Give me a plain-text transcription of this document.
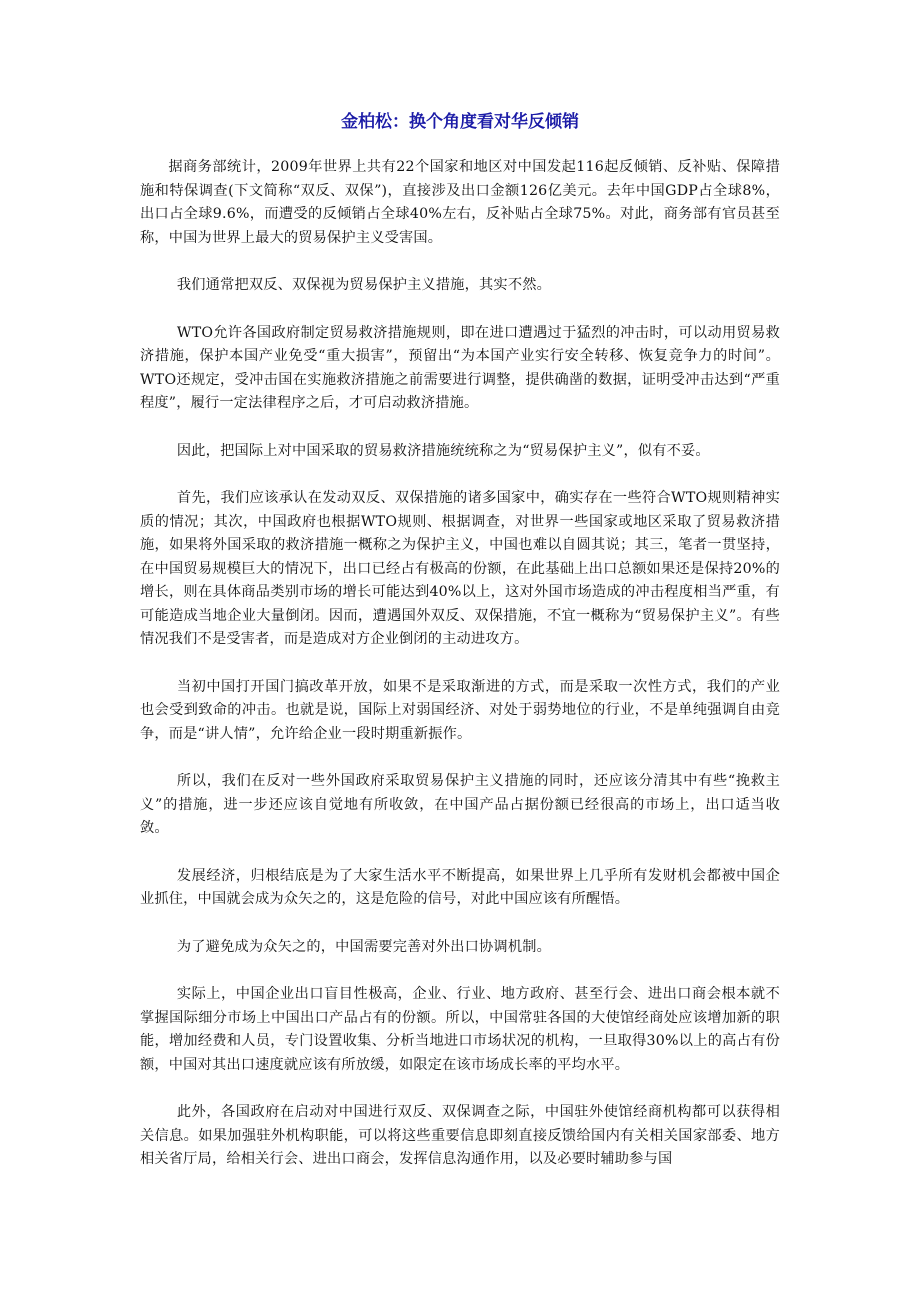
金柏松：换个角度看对华反倾销

据商务部统计，2009年世界上共有22个国家和地区对中国发起116起反倾销、反补贴、保障措施和特保调查(下文简称“双反、双保”)，直接涉及出口金额126亿美元。去年中国GDP占全球8%，出口占全球9.6%，而遭受的反倾销占全球40%左右，反补贴占全球75%。对此，商务部有官员甚至称，中国为世界上最大的贸易保护主义受害国。

我们通常把双反、双保视为贸易保护主义措施，其实不然。

WTO允许各国政府制定贸易救济措施规则，即在进口遭遇过于猛烈的冲击时，可以动用贸易救济措施，保护本国产业免受“重大损害”，预留出“为本国产业实行安全转移、恢复竞争力的时间”。WTO还规定，受冲击国在实施救济措施之前需要进行调整，提供确凿的数据，证明受冲击达到“严重程度”，履行一定法律程序之后，才可启动救济措施。

因此，把国际上对中国采取的贸易救济措施统统称之为“贸易保护主义”，似有不妥。

首先，我们应该承认在发动双反、双保措施的诸多国家中，确实存在一些符合WTO规则精神实质的情况；其次，中国政府也根据WTO规则、根据调查，对世界一些国家或地区采取了贸易救济措施，如果将外国采取的救济措施一概称之为保护主义，中国也难以自圆其说；其三，笔者一贯坚持，在中国贸易规模巨大的情况下，出口已经占有极高的份额，在此基础上出口总额如果还是保持20%的增长，则在具体商品类别市场的增长可能达到40%以上，这对外国市场造成的冲击程度相当严重，有可能造成当地企业大量倒闭。因而，遭遇国外双反、双保措施，不宜一概称为“贸易保护主义”。有些情况我们不是受害者，而是造成对方企业倒闭的主动进攻方。

当初中国打开国门搞改革开放，如果不是采取渐进的方式，而是采取一次性方式，我们的产业也会受到致命的冲击。也就是说，国际上对弱国经济、对处于弱势地位的行业，不是单纯强调自由竞争，而是“讲人情”，允许给企业一段时期重新振作。

所以，我们在反对一些外国政府采取贸易保护主义措施的同时，还应该分清其中有些“挽救主义”的措施，进一步还应该自觉地有所收敛，在中国产品占据份额已经很高的市场上，出口适当收敛。

发展经济，归根结底是为了大家生活水平不断提高，如果世界上几乎所有发财机会都被中国企业抓住，中国就会成为众矢之的，这是危险的信号，对此中国应该有所醒悟。

为了避免成为众矢之的，中国需要完善对外出口协调机制。

实际上，中国企业出口盲目性极高，企业、行业、地方政府、甚至行会、进出口商会根本就不掌握国际细分市场上中国出口产品占有的份额。所以，中国常驻各国的大使馆经商处应该增加新的职能，增加经费和人员，专门设置收集、分析当地进口市场状况的机构，一旦取得30%以上的高占有份额，中国对其出口速度就应该有所放缓，如限定在该市场成长率的平均水平。

此外，各国政府在启动对中国进行双反、双保调查之际，中国驻外使馆经商机构都可以获得相关信息。如果加强驻外机构职能，可以将这些重要信息即刻直接反馈给国内有关相关国家部委、地方相关省厅局，给相关行会、进出口商会，发挥信息沟通作用，以及必要时辅助参与国
